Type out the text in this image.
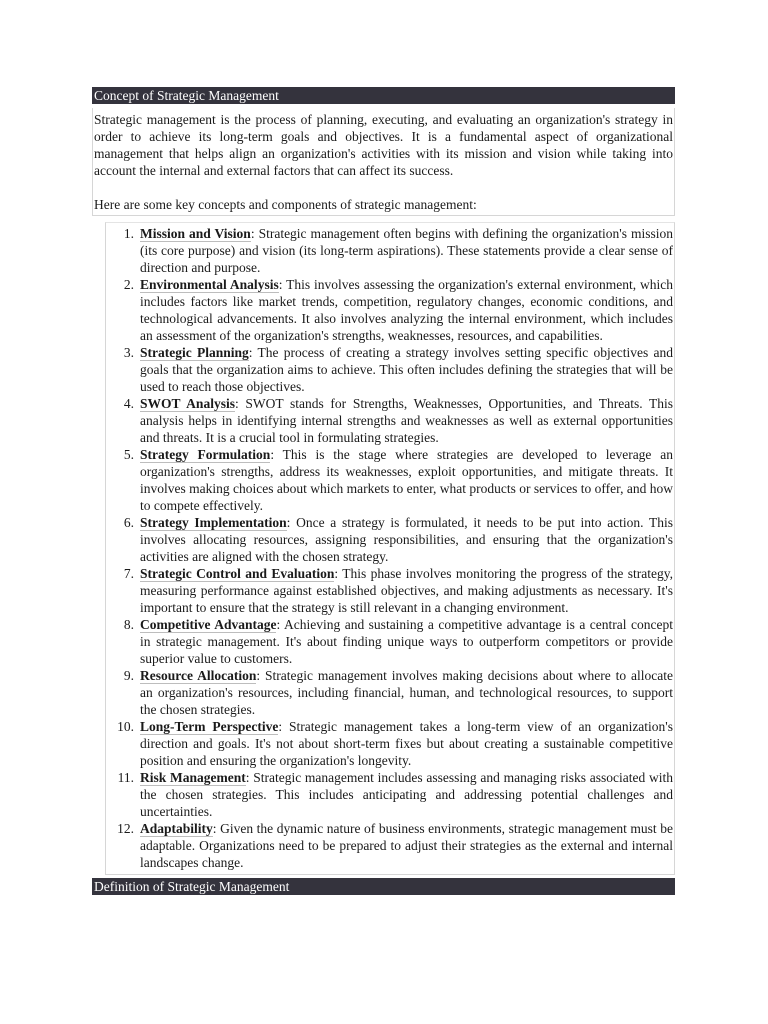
Concept of Strategic Management

Strategic management is the process of planning, executing, and evaluating an organization's strategy in order to achieve its long-term goals and objectives. It is a fundamental aspect of organizational management that helps align an organization's activities with its mission and vision while taking into account the internal and external factors that can affect its success.

Here are some key concepts and components of strategic management:

1. Mission and Vision: Strategic management often begins with defining the organization's mission (its core purpose) and vision (its long-term aspirations). These statements provide a clear sense of direction and purpose.
2. Environmental Analysis: This involves assessing the organization's external environment, which includes factors like market trends, competition, regulatory changes, economic conditions, and technological advancements. It also involves analyzing the internal environment, which includes an assessment of the organization's strengths, weaknesses, resources, and capabilities.
3. Strategic Planning: The process of creating a strategy involves setting specific objectives and goals that the organization aims to achieve. This often includes defining the strategies that will be used to reach those objectives.
4. SWOT Analysis: SWOT stands for Strengths, Weaknesses, Opportunities, and Threats. This analysis helps in identifying internal strengths and weaknesses as well as external opportunities and threats. It is a crucial tool in formulating strategies.
5. Strategy Formulation: This is the stage where strategies are developed to leverage an organization's strengths, address its weaknesses, exploit opportunities, and mitigate threats. It involves making choices about which markets to enter, what products or services to offer, and how to compete effectively.
6. Strategy Implementation: Once a strategy is formulated, it needs to be put into action. This involves allocating resources, assigning responsibilities, and ensuring that the organization's activities are aligned with the chosen strategy.
7. Strategic Control and Evaluation: This phase involves monitoring the progress of the strategy, measuring performance against established objectives, and making adjustments as necessary. It's important to ensure that the strategy is still relevant in a changing environment.
8. Competitive Advantage: Achieving and sustaining a competitive advantage is a central concept in strategic management. It's about finding unique ways to outperform competitors or provide superior value to customers.
9. Resource Allocation: Strategic management involves making decisions about where to allocate an organization's resources, including financial, human, and technological resources, to support the chosen strategies.
10. Long-Term Perspective: Strategic management takes a long-term view of an organization's direction and goals. It's not about short-term fixes but about creating a sustainable competitive position and ensuring the organization's longevity.
11. Risk Management: Strategic management includes assessing and managing risks associated with the chosen strategies. This includes anticipating and addressing potential challenges and uncertainties.
12. Adaptability: Given the dynamic nature of business environments, strategic management must be adaptable. Organizations need to be prepared to adjust their strategies as the external and internal landscapes change.
Definition of Strategic Management
